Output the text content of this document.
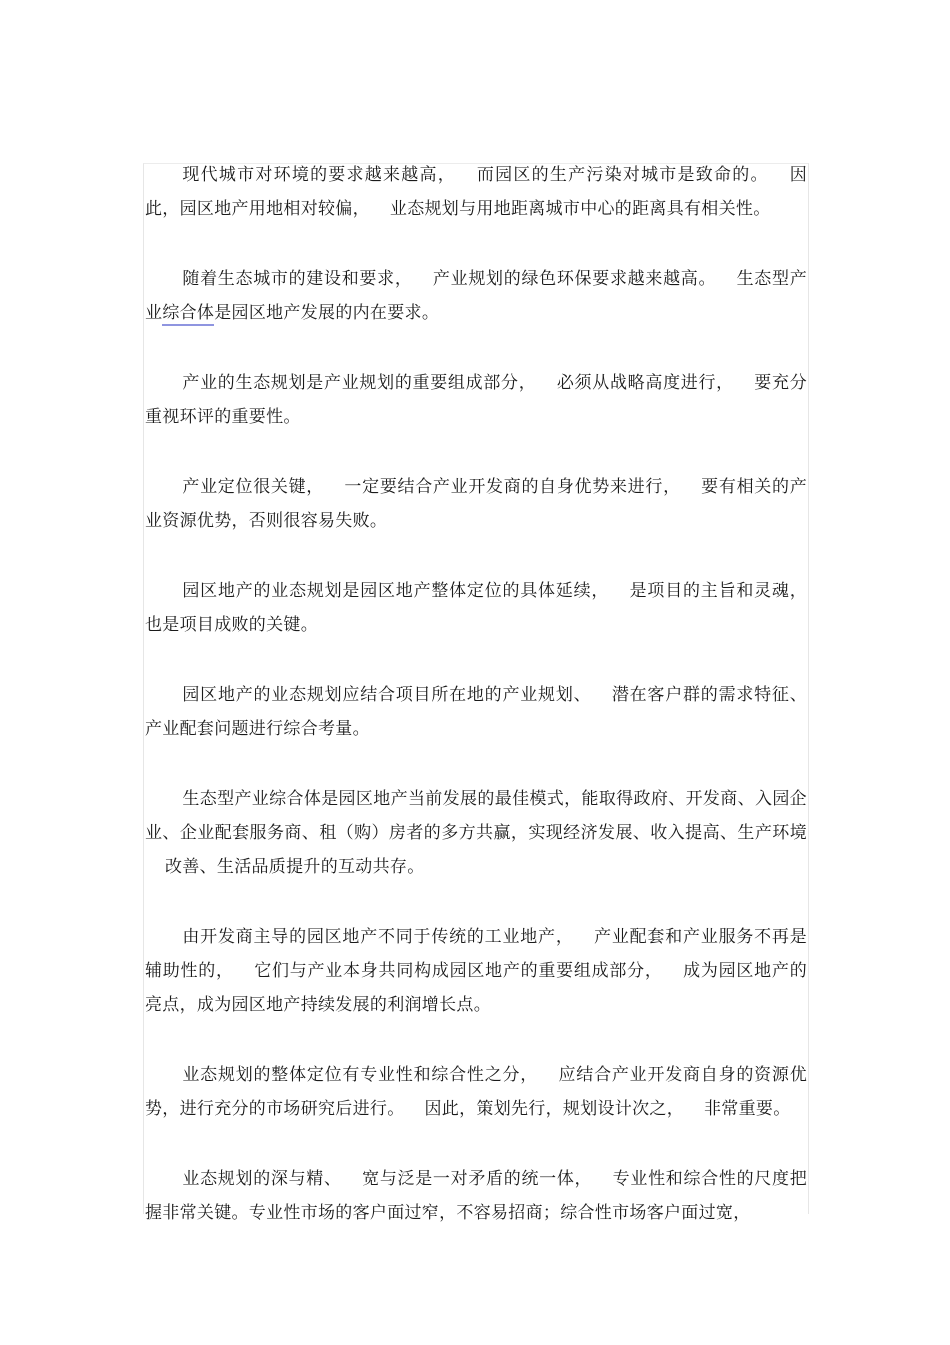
现代城市对环境的要求越来越高， 而园区的生产污染对城市是致命的。 因此，园区地产用地相对较偏， 业态规划与用地距离城市中心的距离具有相关性。

随着生态城市的建设和要求， 产业规划的绿色环保要求越来越高。 生态型产业综合体是园区地产发展的内在要求。

产业的生态规划是产业规划的重要组成部分， 必须从战略高度进行， 要充分重视环评的重要性。

产业定位很关键， 一定要结合产业开发商的自身优势来进行， 要有相关的产业资源优势，否则很容易失败。

园区地产的业态规划是园区地产整体定位的具体延续， 是项目的主旨和灵魂，也是项目成败的关键。

园区地产的业态规划应结合项目所在地的产业规划、 潜在客户群的需求特征、产业配套问题进行综合考量。

生态型产业综合体是园区地产当前发展的最佳模式，能取得政府、开发商、入园企业、企业配套服务商、租（购）房者的多方共赢，实现经济发展、收入提高、生产环境改善、生活品质提升的互动共存。

由开发商主导的园区地产不同于传统的工业地产， 产业配套和产业服务不再是辅助性的， 它们与产业本身共同构成园区地产的重要组成部分， 成为园区地产的亮点，成为园区地产持续发展的利润增长点。

业态规划的整体定位有专业性和综合性之分， 应结合产业开发商自身的资源优势，进行充分的市场研究后进行。 因此，策划先行，规划设计次之， 非常重要。

业态规划的深与精、 宽与泛是一对矛盾的统一体， 专业性和综合性的尺度把握非常关键。专业性市场的客户面过窄，不容易招商；综合性市场客户面过宽，
